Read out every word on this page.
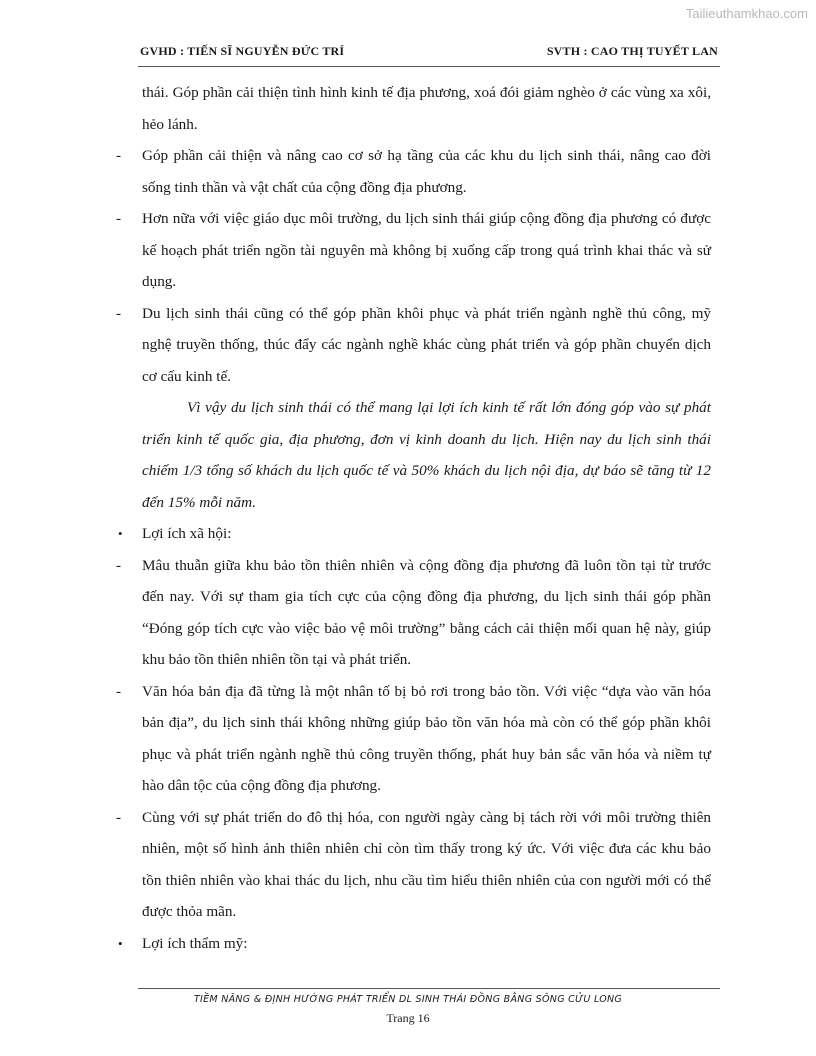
Tailieuthamkhao.com
GVHD : TIẾN SĨ NGUYỄN ĐỨC TRÍ	SVTH : CAO THỊ TUYẾT LAN
thái. Góp phần cải thiện tình hình kinh tế địa phương, xoá đói giảm nghèo ở các vùng xa xôi, hẻo lánh.
- Góp phần cải thiện và nâng cao cơ sở hạ tầng của các khu du lịch sinh thái, nâng cao đời sống tinh thần và vật chất của cộng đồng địa phương.
- Hơn nữa với việc giáo dục môi trường, du lịch sinh thái giúp cộng đồng địa phương có được kế hoạch phát triển ngồn tài nguyên mà không bị xuống cấp trong quá trình khai thác và sử dụng.
- Du lịch sinh thái cũng có thể góp phần khôi phục và phát triển ngành nghề thủ công, mỹ nghệ truyền thống, thúc đẩy các ngành nghề khác cùng phát triển và góp phần chuyển dịch cơ cấu kinh tế.
Vì vậy du lịch sinh thái có thể mang lại lợi ích kinh tế rất lớn đóng góp vào sự phát triển kinh tế quốc gia, địa phương, đơn vị kinh doanh du lịch. Hiện nay du lịch sinh thái chiếm 1/3 tổng số khách du lịch quốc tế và 50% khách du lịch nội địa, dự báo sẽ tăng từ 12 đến 15% mỗi năm.
• Lợi ích xã hội:
- Mâu thuẫn giữa khu bảo tồn thiên nhiên và cộng đồng địa phương đã luôn tồn tại từ trước đến nay. Với sự tham gia tích cực của cộng đồng địa phương, du lịch sinh thái góp phần “Đóng góp tích cực vào việc bảo vệ môi trường” bằng cách cải thiện mối quan hệ này, giúp khu bảo tồn thiên nhiên tồn tại và phát triển.
- Văn hóa bản địa đã từng là một nhân tố bị bỏ rơi trong bảo tồn. Với việc “dựa vào văn hóa bản địa”, du lịch sinh thái không những giúp bảo tồn văn hóa mà còn có thể góp phần khôi phục và phát triển ngành nghề thủ công truyền thống, phát huy bản sắc văn hóa và niềm tự hào dân tộc của cộng đồng địa phương.
- Cùng với sự phát triển do đô thị hóa, con người ngày càng bị tách rời với môi trường thiên nhiên, một số hình ảnh thiên nhiên chỉ còn tìm thấy trong ký ức. Với việc đưa các khu bảo tồn thiên nhiên vào khai thác du lịch, nhu cầu tìm hiểu thiên nhiên của con người mới có thể được thỏa mãn.
• Lợi ích thẩm mỹ:
TIỀM NĂNG & ĐỊNH HƯỚNG PHÁT TRIỂN DL SINH THÁI ĐỒNG BẰNG SÔNG CỬU LONG
Trang 16
